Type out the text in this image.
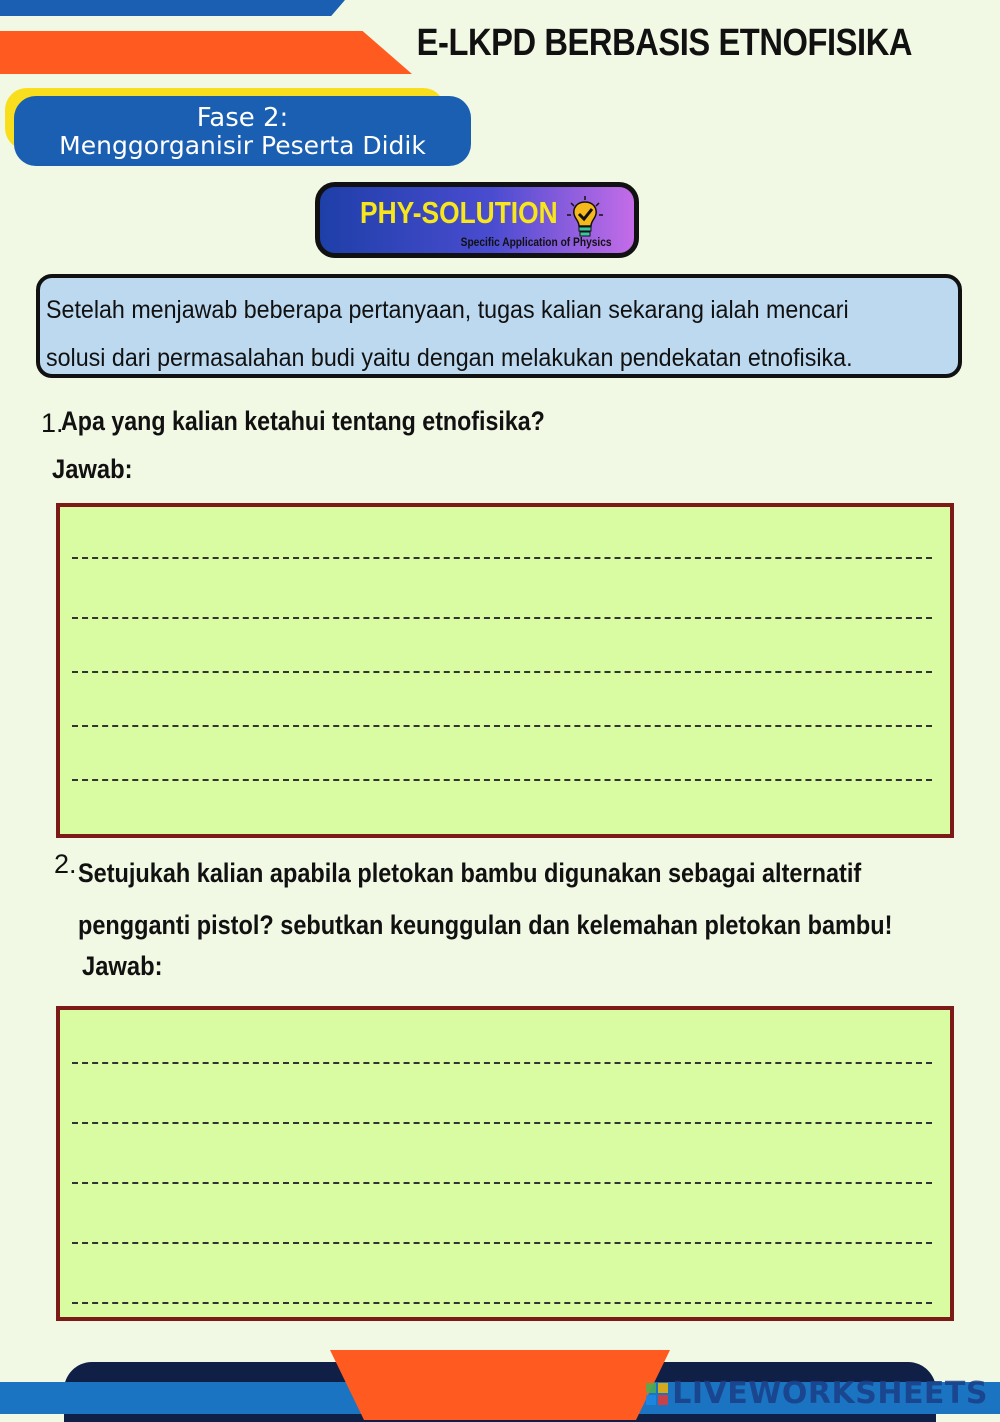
E-LKPD BERBASIS ETNOFISIKA
Fase 2:
Menggorganisir Peserta Didik
PHY-SOLUTION
Specific Application of Physics
Setelah menjawab beberapa pertanyaan, tugas kalian sekarang ialah mencari
solusi dari permasalahan budi yaitu dengan melakukan pendekatan etnofisika.
1.
Apa yang kalian ketahui tentang etnofisika?
Jawab:
2. Setujukah kalian apabila pletokan bambu digunakan sebagai alternatif
pengganti pistol? sebutkan keunggulan dan kelemahan pletokan bambu!
Jawab:
LIVEWORKSHEETS
